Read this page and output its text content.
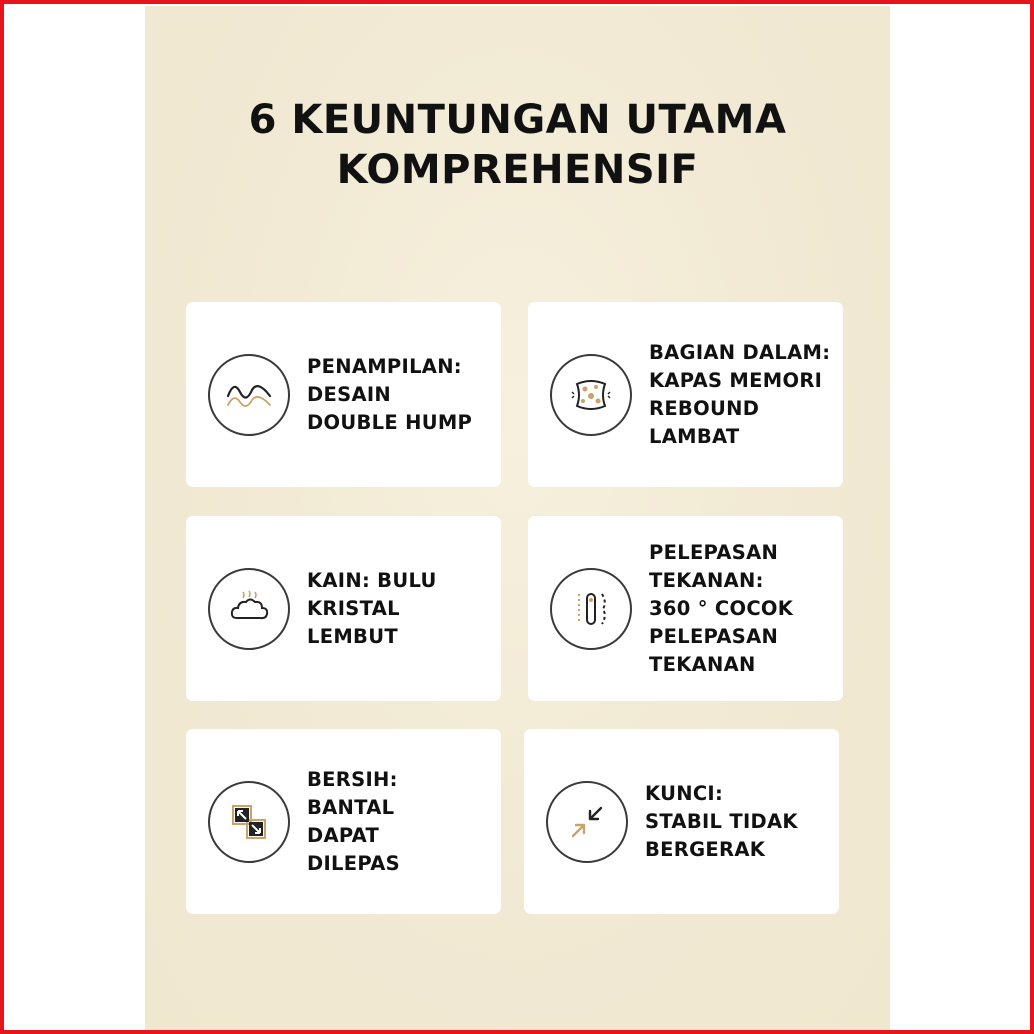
6 KEUNTUNGAN UTAMA
KOMPREHENSIF
PENAMPILAN:
DESAIN
DOUBLE HUMP
BAGIAN DALAM:
KAPAS MEMORI
REBOUND
LAMBAT
KAIN: BULU
KRISTAL
LEMBUT
PELEPASAN
TEKANAN:
360 ° COCOK
PELEPASAN
TEKANAN
BERSIH:
BANTAL
DAPAT
DILEPAS
KUNCI:
STABIL TIDAK
BERGERAK
